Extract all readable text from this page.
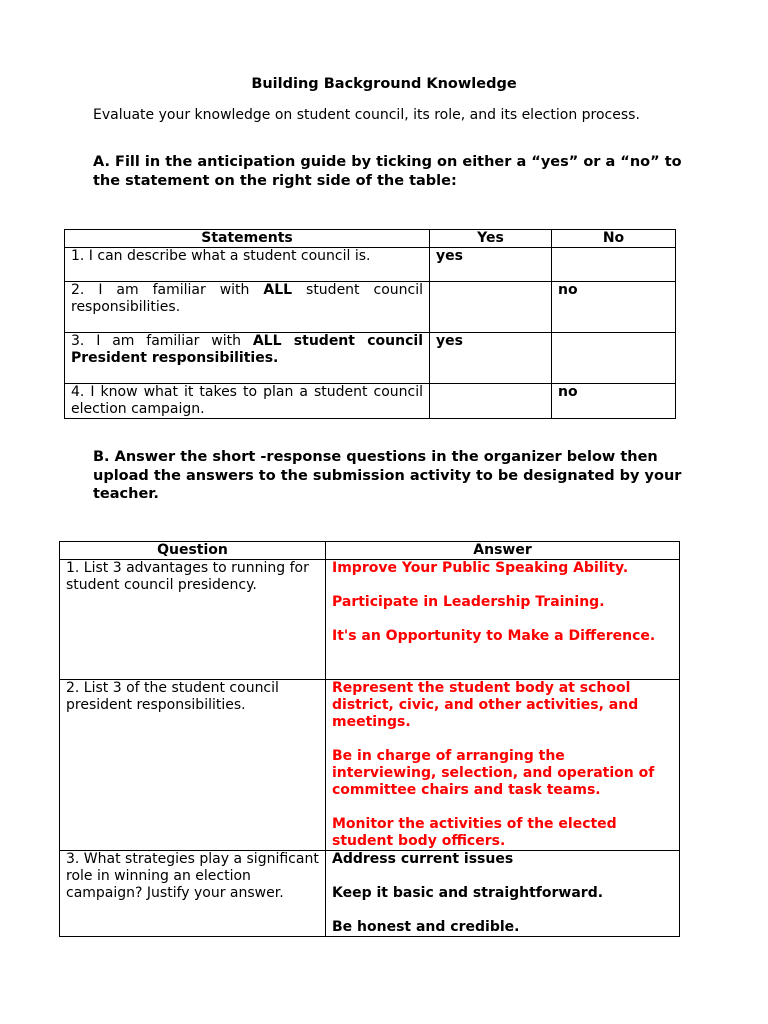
Building Background Knowledge
Evaluate your knowledge on student council, its role, and its election process.
A. Fill in the anticipation guide by ticking on either a “yes” or a “no” to the statement on the right side of the table:
Statements	Yes	No
1. I can describe what a student council is.	yes	
2. I am familiar with ALL student council responsibilities.		no
3. I am familiar with ALL student council President responsibilities.	yes	
4. I know what it takes to plan a student council election campaign.		no
B. Answer the short -response questions in the organizer below then upload the answers to the submission activity to be designated by your teacher.
Question	Answer
1. List 3 advantages to running for student council presidency.	Improve Your Public Speaking Ability.

Participate in Leadership Training.

It's an Opportunity to Make a Difference.

2. List 3 of the student council president responsibilities.	Represent the student body at school district, civic, and other activities, and meetings.

Be in charge of arranging the interviewing, selection, and operation of committee chairs and task teams.

Monitor the activities of the elected student body officers.

3. What strategies play a significant role in winning an election campaign? Justify your answer.	Address current issues

Keep it basic and straightforward.

Be honest and credible.
